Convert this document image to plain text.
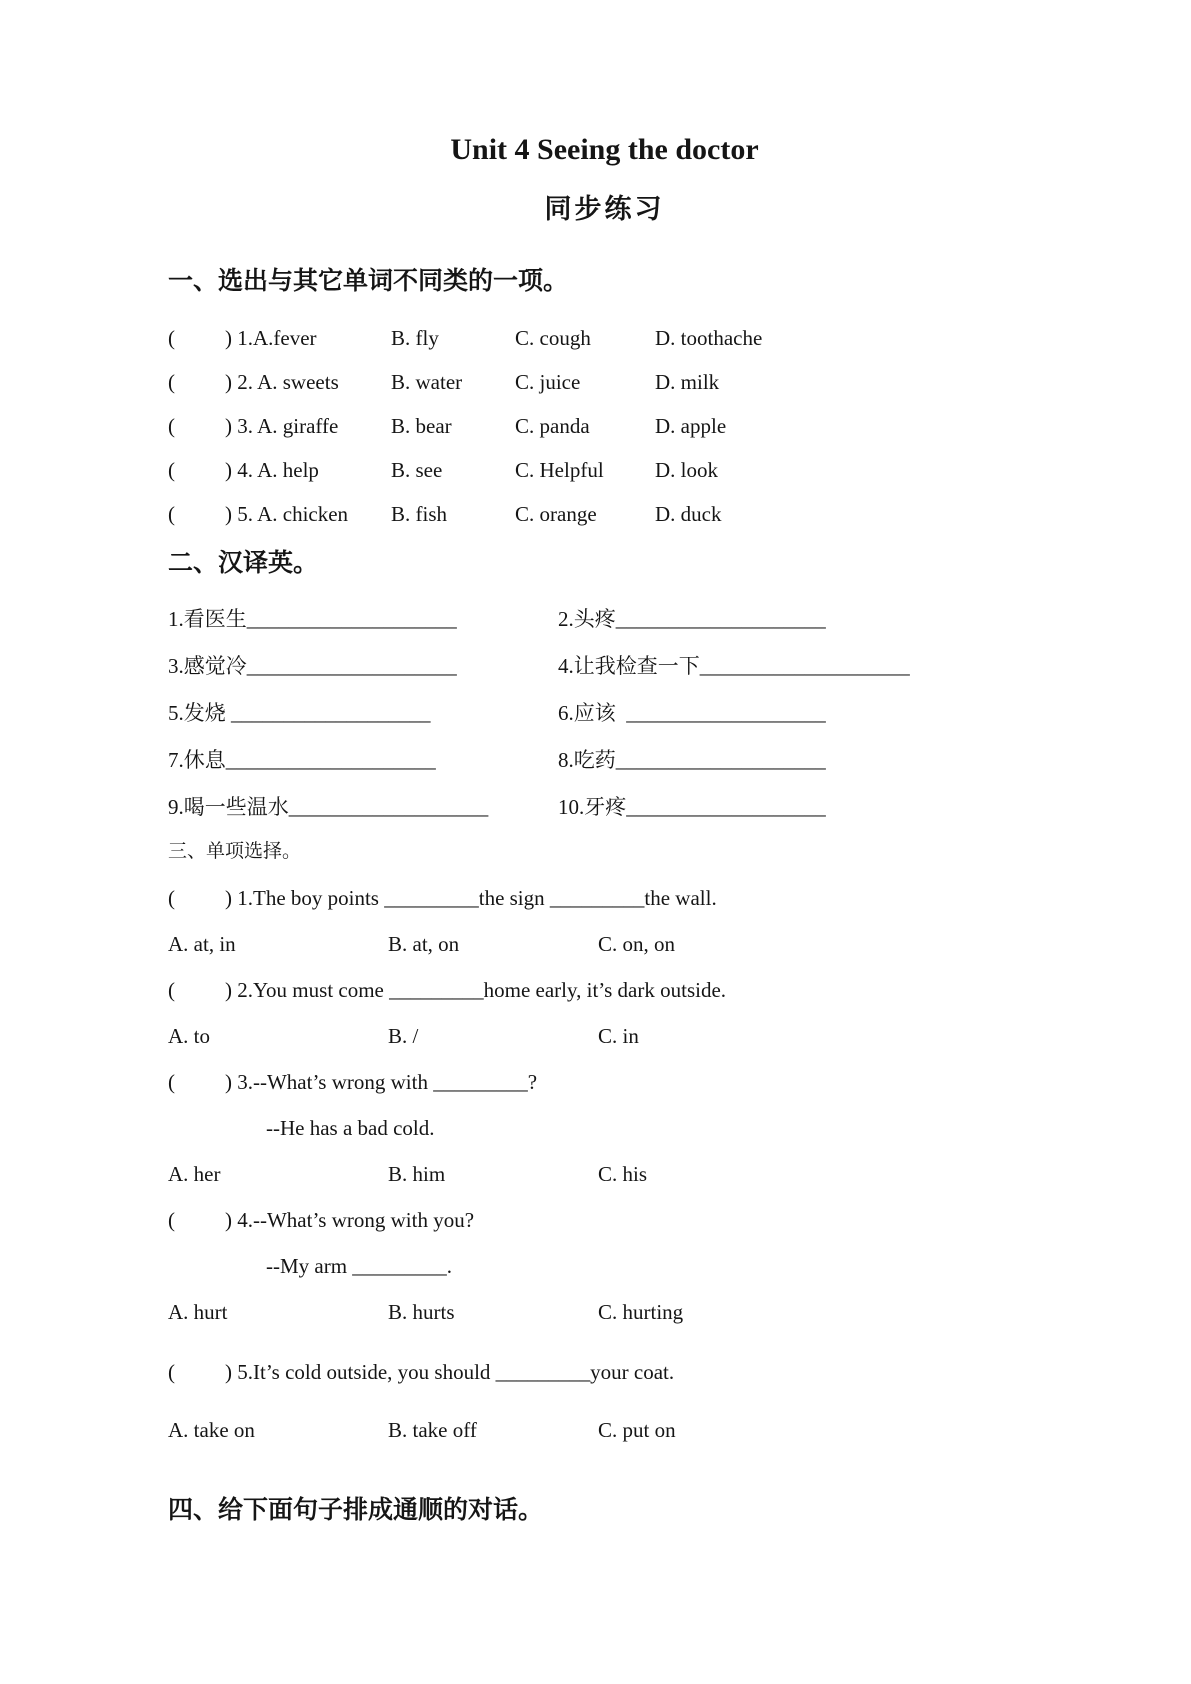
Unit 4 Seeing the doctor
同步练习
一、选出与其它单词不同类的一项。
(	) 1.A.fever	B. fly	C. cough	D. toothache
(	) 2. A. sweets	B. water	C. juice	D. milk
(	) 3. A. giraffe	B. bear	C. panda	D. apple
(	) 4. A. help	B. see	C. Helpful	D. look
(	) 5. A. chicken	B. fish	C. orange	D. duck
二、汉译英。
1.看医生____________________	2.头疼____________________
3.感觉冷____________________	4.让我检查一下____________________
5.发烧 ___________________	6.应该  ___________________
7.休息____________________	8.吃药____________________
9.喝一些温水___________________	10.牙疼___________________
三、单项选择。
(	) 1.The boy points _________the sign _________the wall.
A. at, in	B. at, on	C. on, on
(	) 2.You must come _________home early, it’s dark outside.
A. to	B. /	C. in
(	) 3.--What’s wrong with _________?
--He has a bad cold.
A. her	B. him	C. his
(	) 4.--What’s wrong with you?
--My arm _________.
A. hurt	B. hurts	C. hurting
(	) 5.It’s cold outside, you should _________your coat.
A. take on	B. take off	C. put on
四、给下面句子排成通顺的对话。
